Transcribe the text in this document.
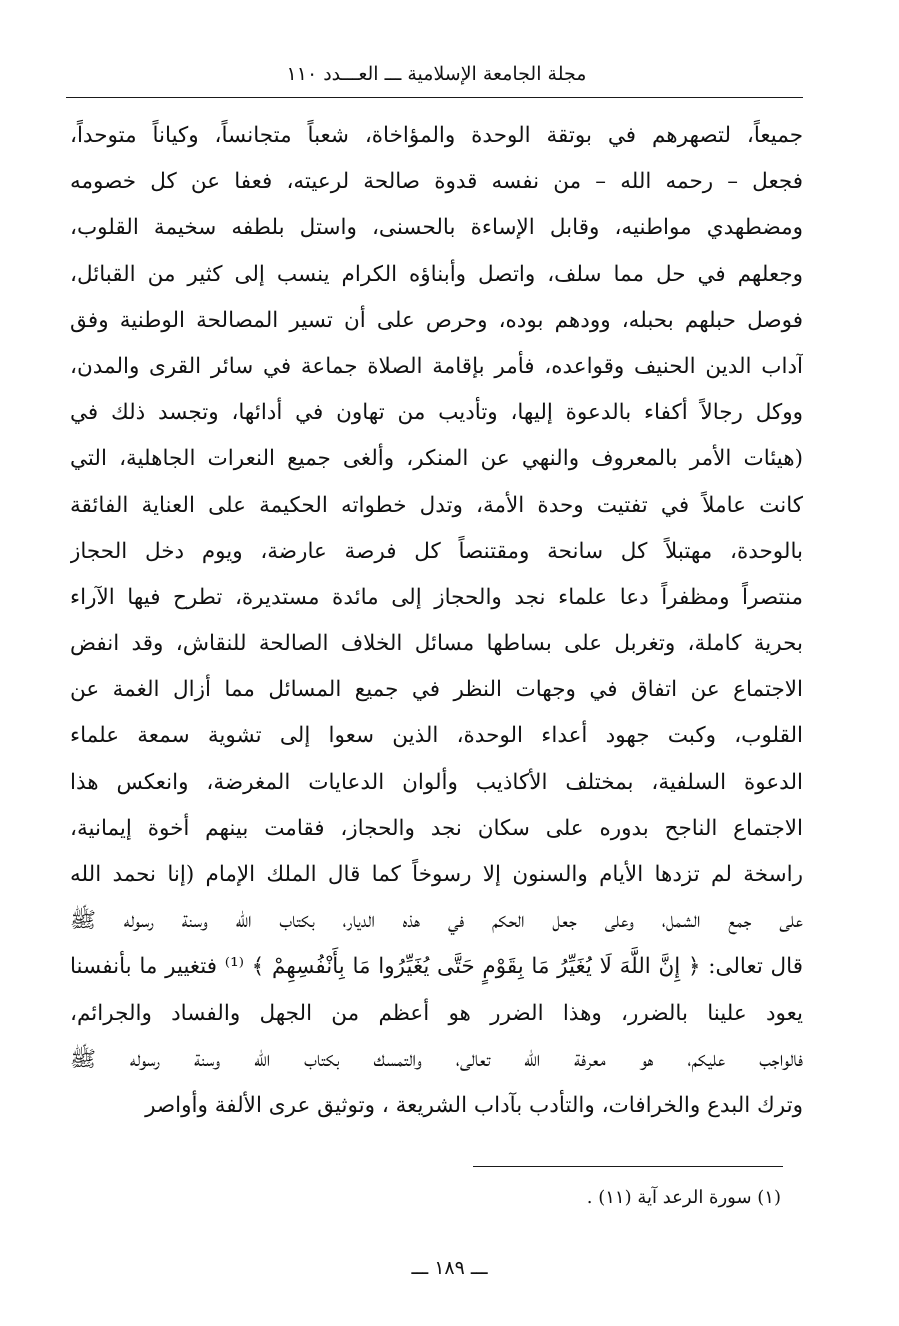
مجلة الجامعة الإسلامية ـــ العـــدد ١١٠
جميعاً، لتصهرهم في بوتقة الوحدة والمؤاخاة، شعباً متجانساً، وكياناً متوحداً،
فجعل – رحمه الله – من نفسه قدوة صالحة لرعيته، فعفا عن كل خصومه
ومضطهدي مواطنيه، وقابل الإساءة بالحسنى، واستل بلطفه سخيمة القلوب،
وجعلهم في حل مما سلف، واتصل وأبناؤه الكرام ينسب إلى كثير من القبائل،
فوصل حبلهم بحبله، وودهم بوده، وحرص على أن تسير المصالحة الوطنية وفق
آداب الدين الحنيف وقواعده، فأمر بإقامة الصلاة جماعة في سائر القرى والمدن،
ووكل رجالاً أكفاء بالدعوة إليها، وتأديب من تهاون في أدائها، وتجسد ذلك في
(هيئات الأمر بالمعروف والنهي عن المنكر، وألغى جميع النعرات الجاهلية، التي
كانت عاملاً في تفتيت وحدة الأمة، وتدل خطواته الحكيمة على العناية الفائقة
بالوحدة، مهتبلاً كل سانحة ومقتنصاً كل فرصة عارضة، ويوم دخل الحجاز
منتصراً ومظفراً دعا علماء نجد والحجاز إلى مائدة مستديرة، تطرح فيها الآراء
بحرية كاملة، وتغربل على بساطها مسائل الخلاف الصالحة للنقاش، وقد انفض
الاجتماع عن اتفاق في وجهات النظر في جميع المسائل مما أزال الغمة عن
القلوب، وكبت جهود أعداء الوحدة، الذين سعوا إلى تشوية سمعة علماء
الدعوة السلفية، بمختلف الأكاذيب وألوان الدعايات المغرضة، وانعكس هذا
الاجتماع الناجح بدوره على سكان نجد والحجاز، فقامت بينهم أخوة إيمانية،
راسخة لم تزدها الأيام والسنون إلا رسوخاً كما قال الملك الإمام (إنا نحمد الله
على جمع الشمل، وعلى جعل الحكم في هذه الديار، بكتاب الله وسنة رسوله ﷺ
قال تعالى: ﴿ إِنَّ اللَّهَ لَا يُغَيِّرُ مَا بِقَوْمٍ حَتَّى يُغَيِّرُوا مَا بِأَنْفُسِهِمْ ﴾ ⁽¹⁾ فتغيير ما بأنفسنا
يعود علينا بالضرر، وهذا الضرر هو أعظم من الجهل والفساد والجرائم،
فالواجب عليكم، هو معرفة الله تعالى، والتمسك بكتاب الله وسنة رسوله ﷺ
وترك البدع والخرافات، والتأدب بآداب الشريعة ، وتوثيق عرى الألفة وأواصر
(١) سورة الرعد آية (١١) .
ـــ ١٨٩ ـــ
